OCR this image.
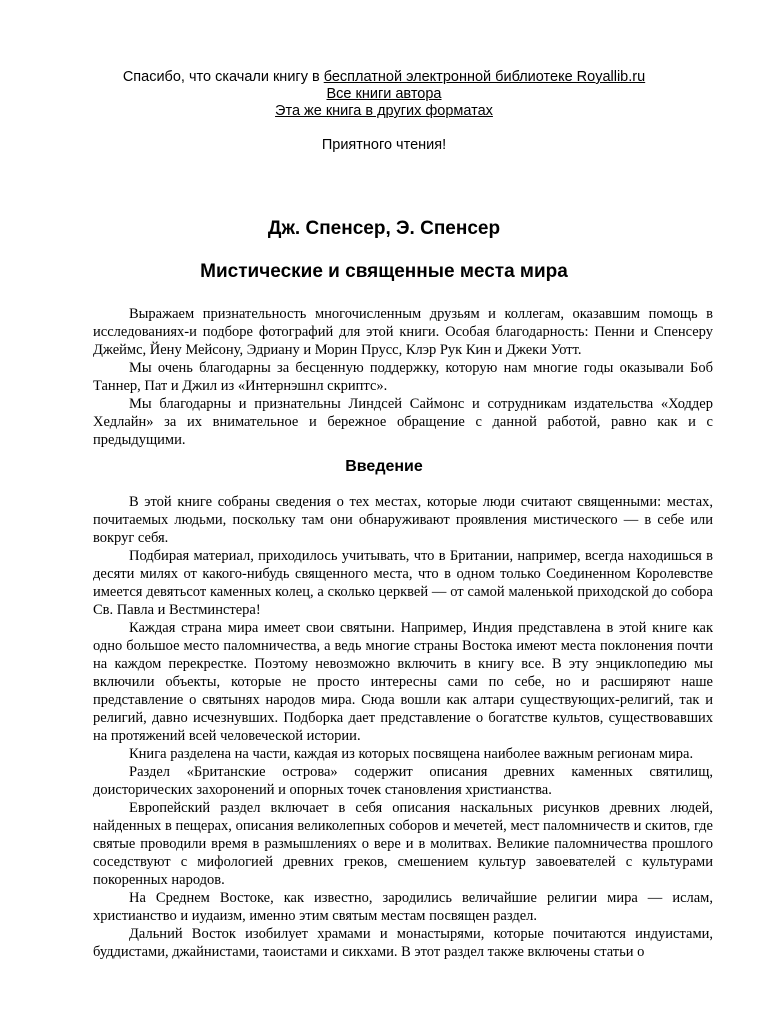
Спасибо, что скачали книгу в бесплатной электронной библиотеке Royallib.ru
Все книги автора
Эта же книга в других форматах
Приятного чтения!
Дж. Спенсер, Э. Спенсер
Мистические и священные места мира

Выражаем признательность многочисленным друзьям и коллегам, оказавшим помощь в исследованиях-и подборе фотографий для этой книги. Особая благодарность: Пенни и Спенсеру Джеймс, Йену Мейсону, Эдриану и Морин Прусс, Клэр Рук Кин и Джеки Уотт.

Мы очень благодарны за бесценную поддержку, которую нам многие годы оказывали Боб Таннер, Пат и Джил из «Интернэшнл скриптс».

Мы благодарны и признательны Линдсей Саймонс и сотрудникам издательства «Ходдер Хедлайн» за их внимательное и бережное обращение с данной работой, равно как и с предыдущими.

Введение

В этой книге собраны сведения о тех местах, которые люди считают священными: местах, почитаемых людьми, поскольку там они обнаруживают проявления мистического — в себе или вокруг себя.

Подбирая материал, приходилось учитывать, что в Британии, например, всегда находишься в десяти милях от какого-нибудь священного места, что в одном только Соединенном Королевстве имеется девятьсот каменных колец, а сколько церквей — от самой маленькой приходской до собора Св. Павла и Вестминстера!

Каждая страна мира имеет свои святыни. Например, Индия представлена в этой книге как одно большое место паломничества, а ведь многие страны Востока имеют места поклонения почти на каждом перекрестке. Поэтому невозможно включить в книгу все. В эту энциклопедию мы включили объекты, которые не просто интересны сами по себе, но и расширяют наше представление о святынях народов мира. Сюда вошли как алтари существующих-религий, так и религий, давно исчезнувших. Подборка дает представление о богатстве культов, существовавших на протяжений всей человеческой истории.

Книга разделена на части, каждая из которых посвящена наиболее важным регионам мира.

Раздел «Британские острова» содержит описания древних каменных святилищ, доисторических захоронений и опорных точек становления христианства.

Европейский раздел включает в себя описания наскальных рисунков древних людей, найденных в пещерах, описания великолепных соборов и мечетей, мест паломничеств и скитов, где святые проводили время в размышлениях о вере и в молитвах. Великие паломничества прошлого соседствуют с мифологией древних греков, смешением культур завоевателей с культурами покоренных народов.

На Среднем Востоке, как известно, зародились величайшие религии мира — ислам, христианство и иудаизм, именно этим святым местам посвящен раздел.

Дальний Восток изобилует храмами и монастырями, которые почитаются индуистами, буддистами, джайнистами, таоистами и сикхами. В этот раздел также включены статьи о
